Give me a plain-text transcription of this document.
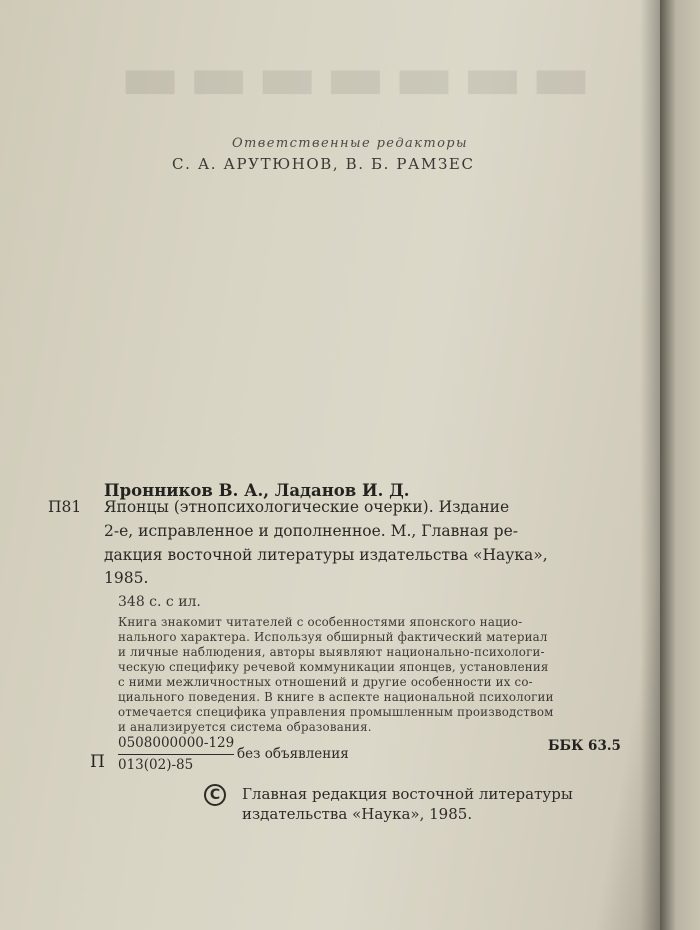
▬▬▬▬▬▬▬
Ответственные редакторы
С. А. АРУТЮНОВ, В. Б. РАМЗЕС
Пронников В. А., Ладанов И. Д.
П81 Японцы (этнопсихологические очерки). Издание
2-е, исправленное и дополненное. М., Главная ре-
дакция восточной литературы издательства «Наука»,
1985.
348 с. с ил.
Книга знакомит читателей с особенностями японского нацио-
нального характера. Используя обширный фактический материал
и личные наблюдения, авторы выявляют национально-психологи-
ческую специфику речевой коммуникации японцев, установления
с ними межличностных отношений и другие особенности их со-
циального поведения. В книге в аспекте национальной психологии
отмечается специфика управления промышленным производством
и анализируется система образования.
П
0508000000-129
013(02)-85
без объявления	ББК 63.5
C	Главная редакция восточной литературы
издательства «Наука», 1985.
